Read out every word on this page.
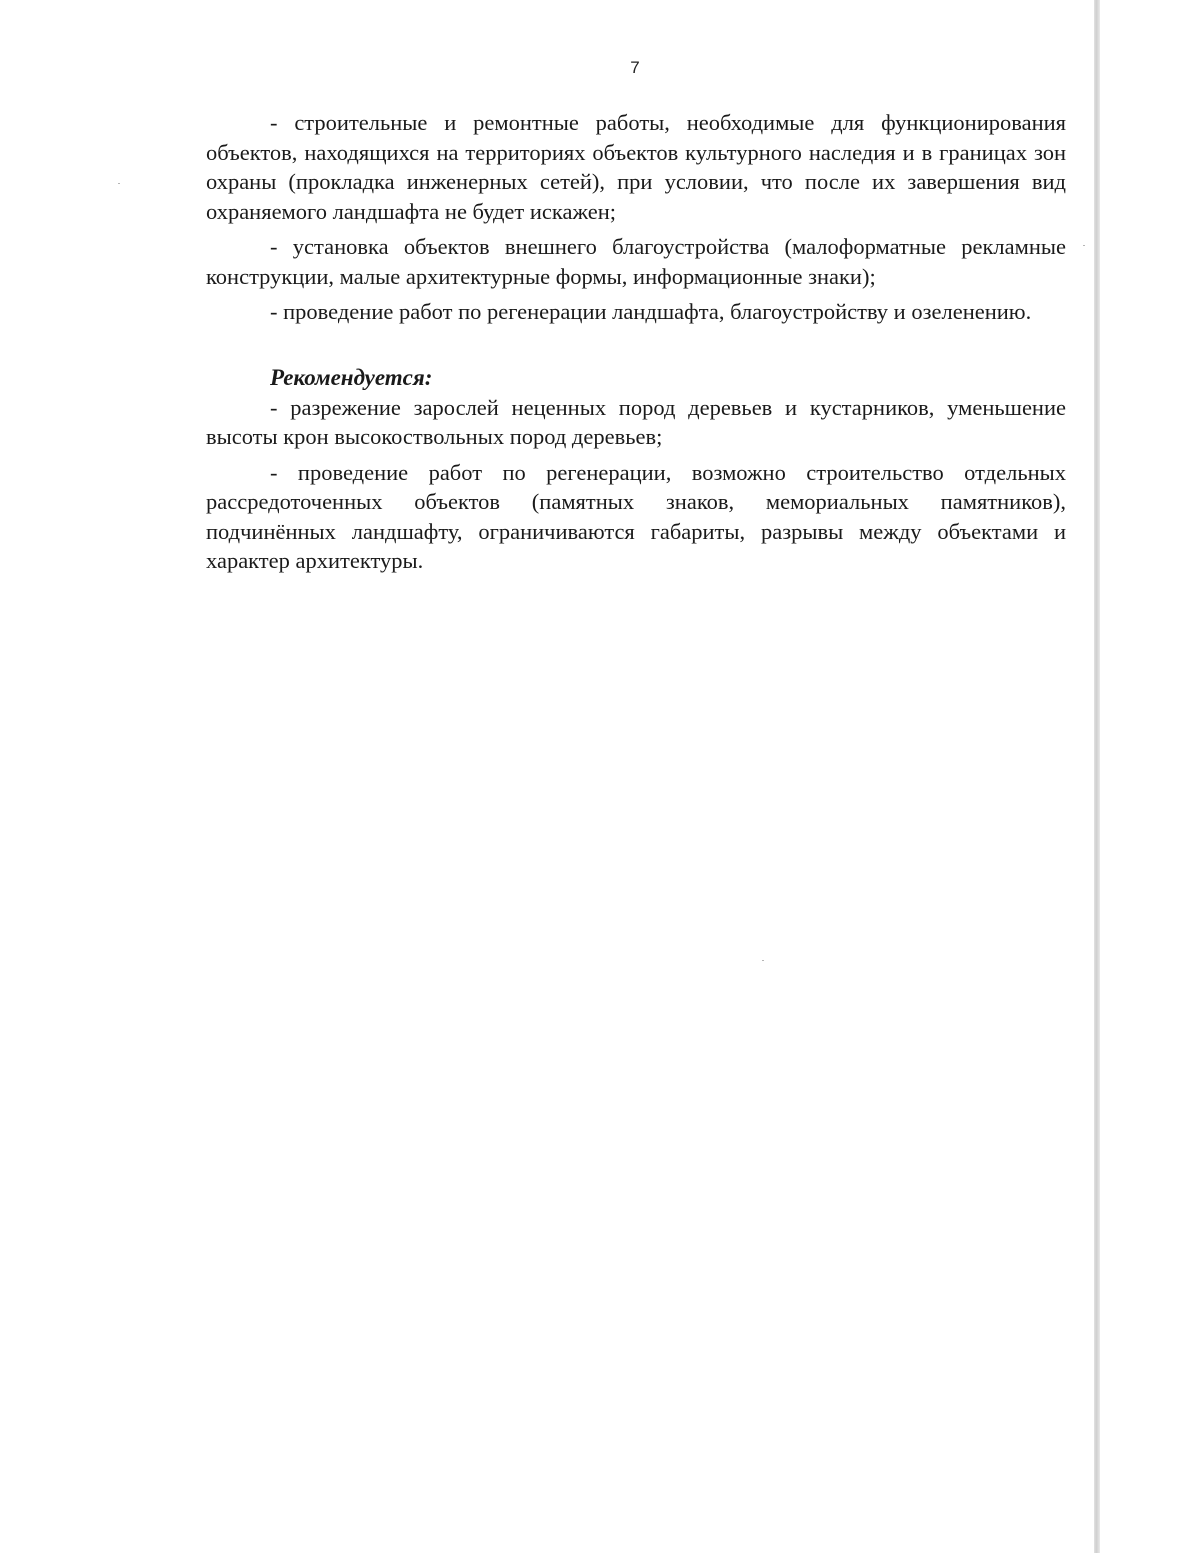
7

- строительные и ремонтные работы, необходимые для функционирования объектов, находящихся на территориях объектов культурного наследия и в границах зон охраны (прокладка инженерных сетей), при условии, что после их завершения вид охраняемого ландшафта не будет искажен;

- установка объектов внешнего благоустройства (малоформатные рекламные конструкции, малые архитектурные формы, информационные знаки);

- проведение работ по регенерации ландшафта, благоустройству и озеленению.

Рекомендуется:

- разрежение зарослей неценных пород деревьев и кустарников, уменьшение высоты крон высокоствольных пород деревьев;

- проведение работ по регенерации, возможно строительство отдельных рассредоточенных объектов (памятных знаков, мемориальных памятников), подчинённых ландшафту, ограничиваются габариты, разрывы между объектами и характер архитектуры.
